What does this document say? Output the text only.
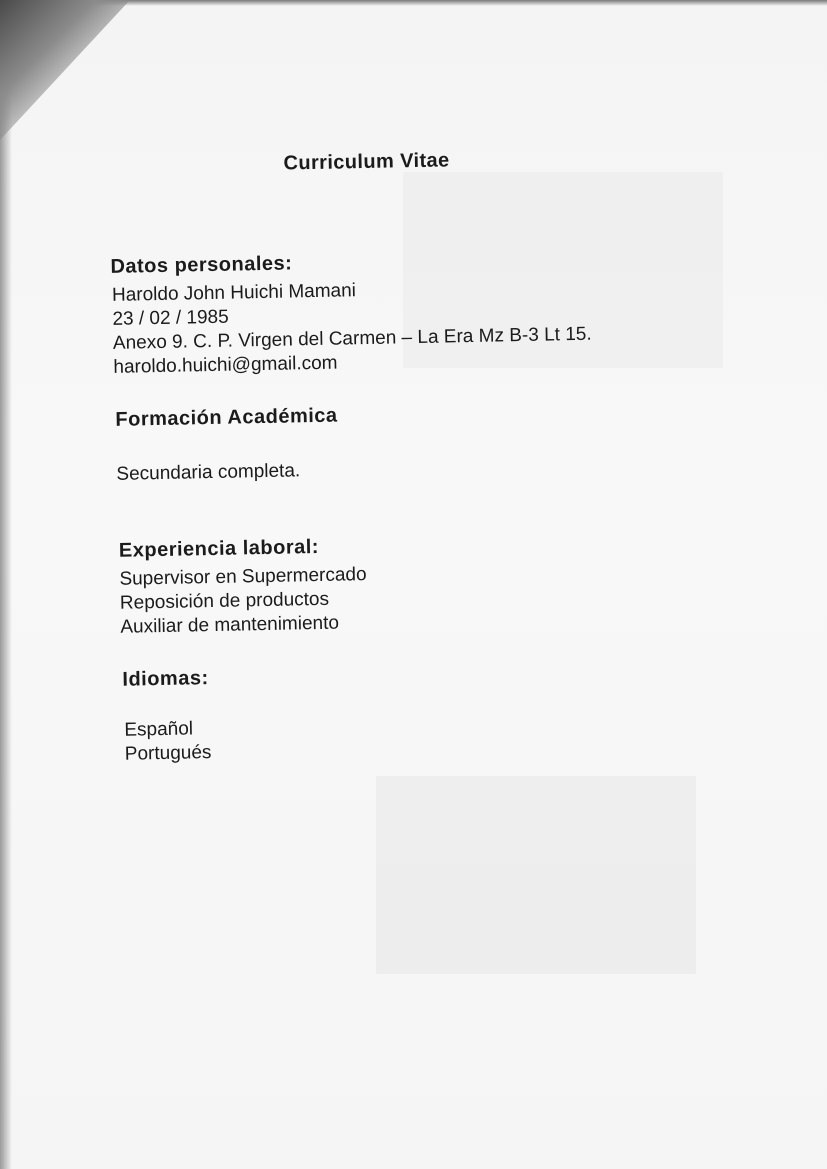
Curriculum Vitae
Datos personales:
Haroldo John Huichi Mamani
23 / 02 / 1985
Anexo 9. C. P. Virgen del Carmen – La Era Mz B-3 Lt 15.
haroldo.huichi@gmail.com
Formación Académica
Secundaria completa.
Experiencia laboral:
Supervisor en Supermercado
Reposición de productos
Auxiliar de mantenimiento
Idiomas:
Español
Portugués
